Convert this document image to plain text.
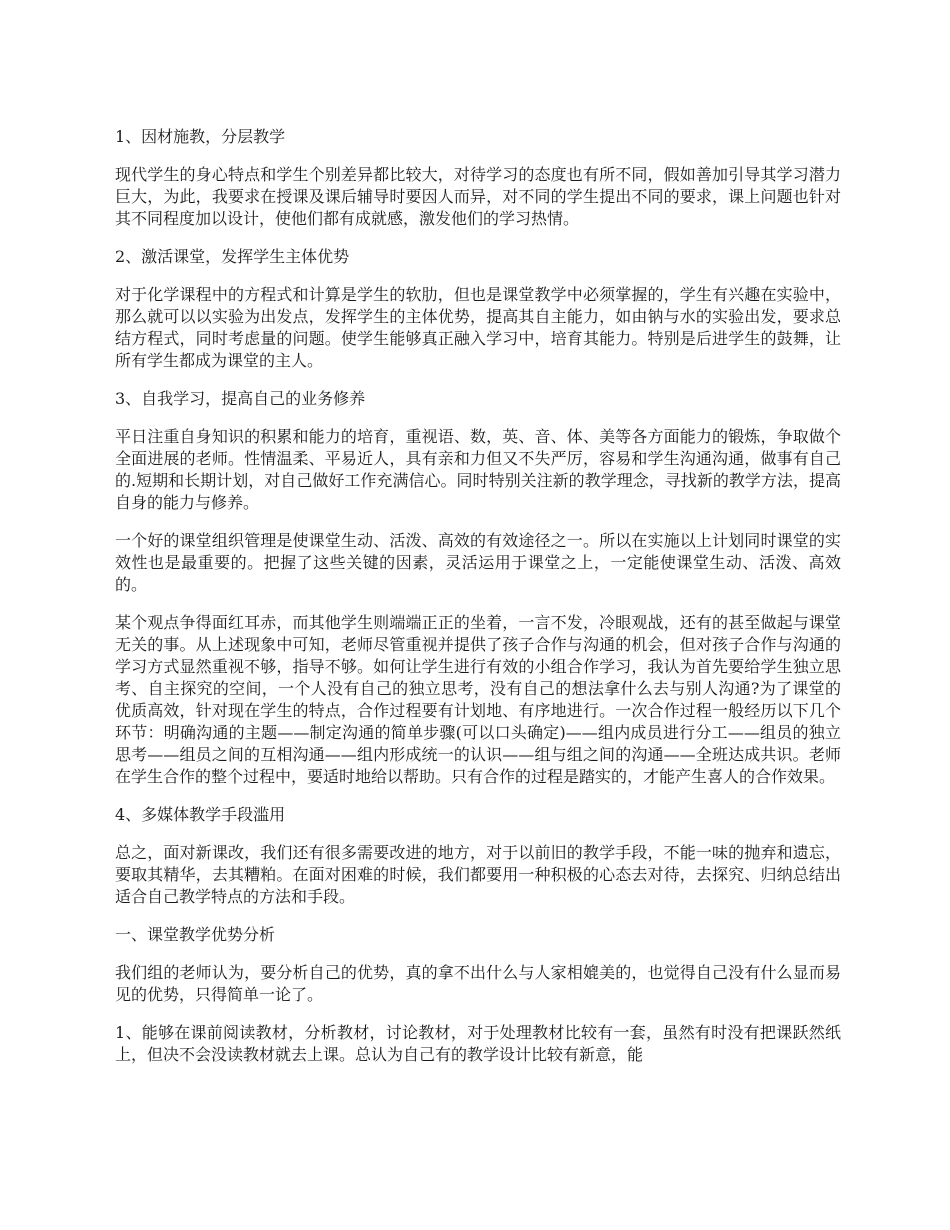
1、因材施教，分层教学

现代学生的身心特点和学生个别差异都比较大，对待学习的态度也有所不同，假如善加引导其学习潜力巨大，为此，我要求在授课及课后辅导时要因人而异，对不同的学生提出不同的要求，课上问题也针对其不同程度加以设计，使他们都有成就感，激发他们的学习热情。

2、激活课堂，发挥学生主体优势

对于化学课程中的方程式和计算是学生的软肋，但也是课堂教学中必须掌握的，学生有兴趣在实验中，那么就可以以实验为出发点，发挥学生的主体优势，提高其自主能力，如由钠与水的实验出发，要求总结方程式，同时考虑量的问题。使学生能够真正融入学习中，培育其能力。特别是后进学生的鼓舞，让所有学生都成为课堂的主人。

3、自我学习，提高自己的业务修养

平日注重自身知识的积累和能力的培育，重视语、数，英、音、体、美等各方面能力的锻炼，争取做个全面进展的老师。性情温柔、平易近人，具有亲和力但又不失严厉，容易和学生沟通沟通，做事有自己的.短期和长期计划，对自己做好工作充满信心。同时特别关注新的教学理念，寻找新的教学方法，提高自身的能力与修养。

一个好的课堂组织管理是使课堂生动、活泼、高效的有效途径之一。所以在实施以上计划同时课堂的实效性也是最重要的。把握了这些关键的因素，灵活运用于课堂之上，一定能使课堂生动、活泼、高效的。

某个观点争得面红耳赤，而其他学生则端端正正的坐着，一言不发，冷眼观战，还有的甚至做起与课堂无关的事。从上述现象中可知，老师尽管重视并提供了孩子合作与沟通的机会，但对孩子合作与沟通的学习方式显然重视不够，指导不够。如何让学生进行有效的小组合作学习，我认为首先要给学生独立思考、自主探究的空间，一个人没有自己的独立思考，没有自己的想法拿什么去与别人沟通?为了课堂的优质高效，针对现在学生的特点，合作过程要有计划地、有序地进行。一次合作过程一般经历以下几个环节：明确沟通的主题——制定沟通的简单步骤(可以口头确定)——组内成员进行分工——组员的独立思考——组员之间的互相沟通——组内形成统一的认识——组与组之间的沟通——全班达成共识。老师在学生合作的整个过程中，要适时地给以帮助。只有合作的过程是踏实的，才能产生喜人的合作效果。

4、多媒体教学手段滥用

总之，面对新课改，我们还有很多需要改进的地方，对于以前旧的教学手段，不能一味的抛弃和遗忘，要取其精华，去其糟粕。在面对困难的时候，我们都要用一种积极的心态去对待，去探究、归纳总结出适合自己教学特点的方法和手段。

一、课堂教学优势分析

我们组的老师认为，要分析自己的优势，真的拿不出什么与人家相媲美的，也觉得自己没有什么显而易见的优势，只得简单一论了。

1、能够在课前阅读教材，分析教材，讨论教材，对于处理教材比较有一套，虽然有时没有把课跃然纸上，但决不会没读教材就去上课。总认为自己有的教学设计比较有新意，能
